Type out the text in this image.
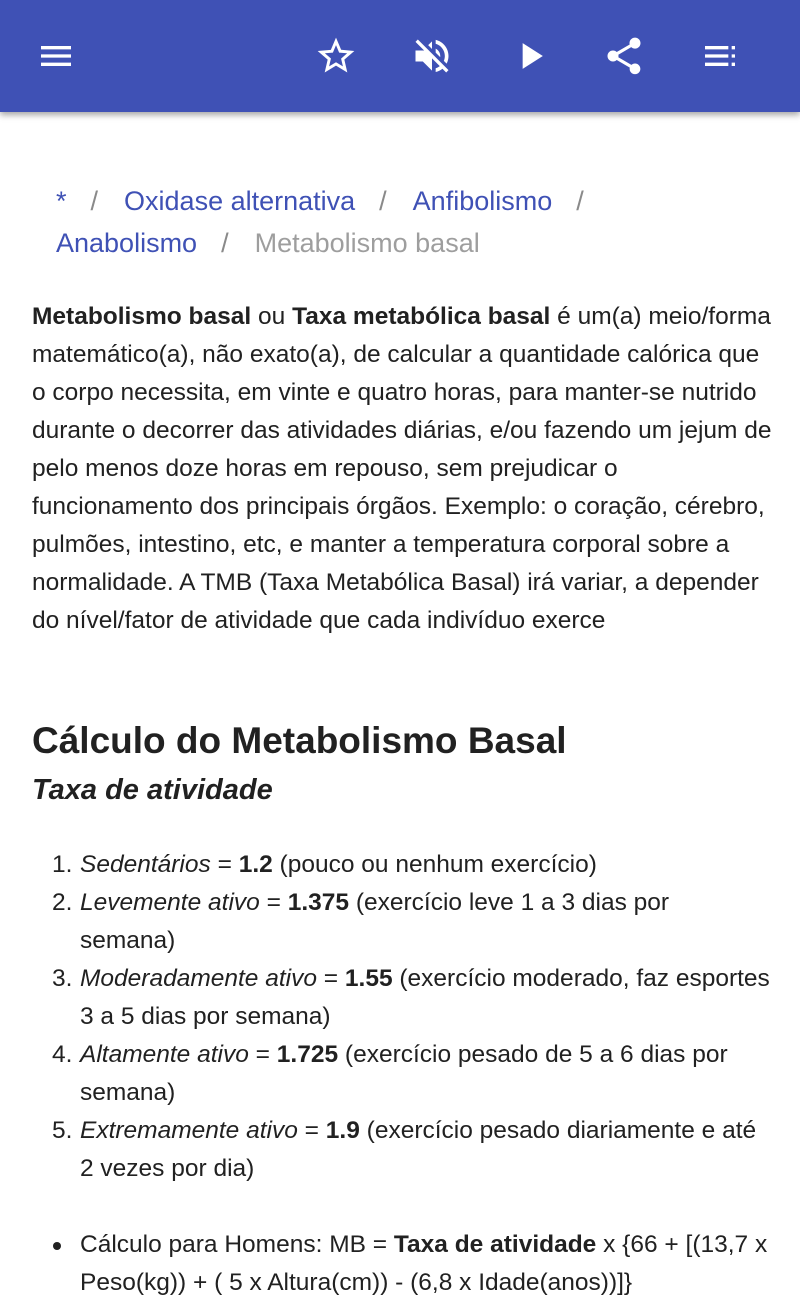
* / Oxidase alternativa / Anfibolismo /
Anabolismo / Metabolismo basal
Metabolismo basal ou Taxa metabólica basal é um(a) meio/forma matemático(a), não exato(a), de calcular a quantidade calórica que o corpo necessita, em vinte e quatro horas, para manter-se nutrido durante o decorrer das atividades diárias, e/ou fazendo um jejum de pelo menos doze horas em repouso, sem prejudicar o funcionamento dos principais órgãos. Exemplo: o coração, cérebro, pulmões, intestino, etc, e manter a temperatura corporal sobre a normalidade. A TMB (Taxa Metabólica Basal) irá variar, a depender do nível/fator de atividade que cada indivíduo exerce
Cálculo do Metabolismo Basal
Taxa de atividade
1. Sedentários = 1.2 (pouco ou nenhum exercício)
2. Levemente ativo = 1.375 (exercício leve 1 a 3 dias por semana)
3. Moderadamente ativo = 1.55 (exercício moderado, faz esportes 3 a 5 dias por semana)
4. Altamente ativo = 1.725 (exercício pesado de 5 a 6 dias por semana)
5. Extremamente ativo = 1.9 (exercício pesado diariamente e até 2 vezes por dia)
Cálculo para Homens: MB = Taxa de atividade x {66 + [(13,7 x Peso(kg)) + ( 5 x Altura(cm)) - (6,8 x Idade(anos))]}
